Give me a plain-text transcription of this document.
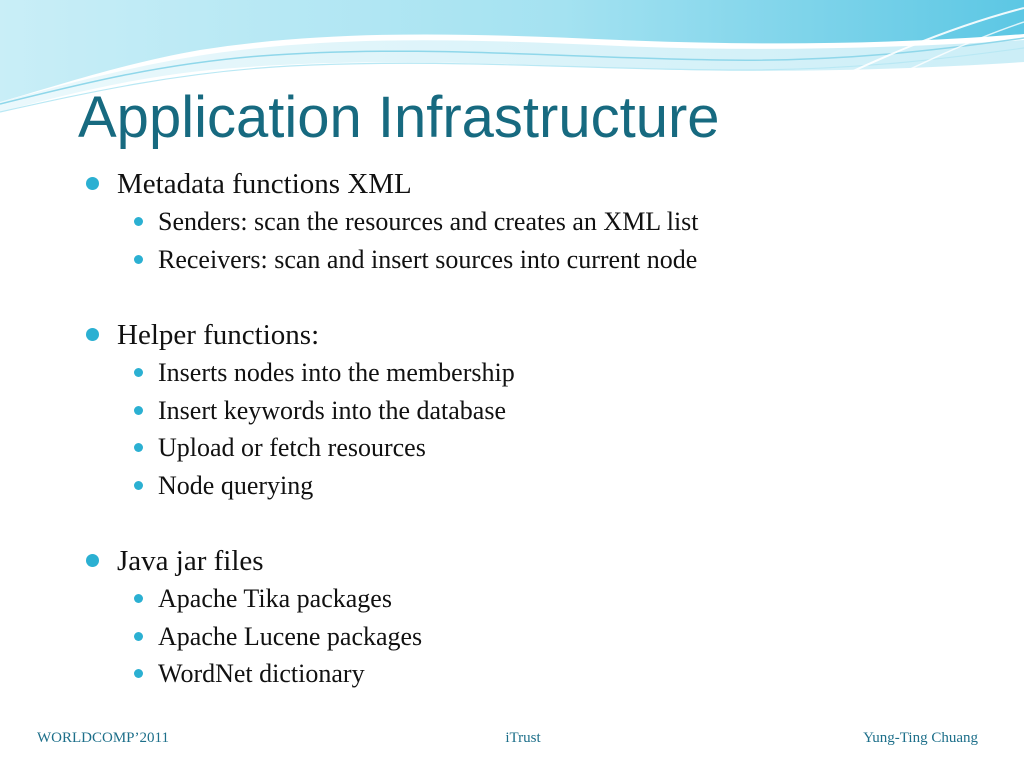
Application Infrastructure
Metadata functions XML
Senders: scan the resources and creates an XML list
Receivers: scan and insert sources into current node
Helper functions:
Inserts nodes into the membership
Insert keywords into the database
Upload or fetch resources
Node querying
Java jar files
Apache Tika packages
Apache Lucene packages
WordNet dictionary
WORLDCOMP’2011	iTrust	Yung-Ting Chuang
